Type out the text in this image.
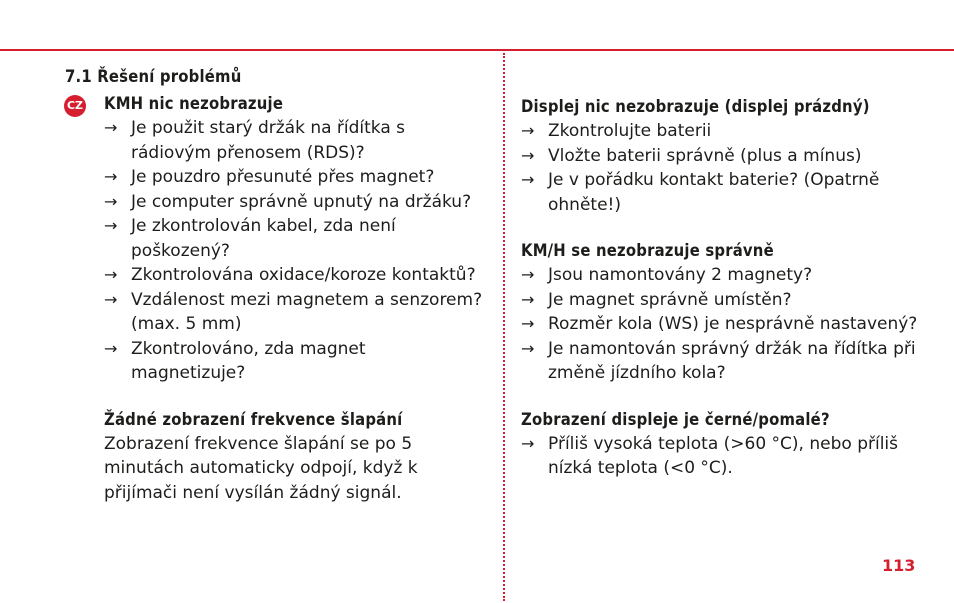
7.1 Řešení problémů
CZ KMH nic nezobrazuje
→ Je použit starý držák na řídítka s rádiovým přenosem (RDS)?
→ Je pouzdro přesunuté přes magnet?
→ Je computer správně upnutý na držáku?
→ Je zkontrolován kabel, zda není poškozený?
→ Zkontrolována oxidace/koroze kontaktů?
→ Vzdálenost mezi magnetem a senzorem? (max. 5 mm)
→ Zkontrolováno, zda magnet magnetizuje?
Žádné zobrazení frekvence šlapání

Zobrazení frekvence šlapání se po 5 minutách automaticky odpojí, když k přijímači není vysílán žádný signál.

Displej nic nezobrazuje (displej prázdný)
→ Zkontrolujte baterii
→ Vložte baterii správně (plus a mínus)
→ Je v pořádku kontakt baterie? (Opatrně ohněte!)
KM/H se nezobrazuje správně
→ Jsou namontovány 2 magnety?
→ Je magnet správně umístěn?
→ Rozměr kola (WS) je nesprávně nastavený?
→ Je namontován správný držák na řídítka při změně jízdního kola?
Zobrazení displeje je černé/pomalé?
→ Příliš vysoká teplota (>60 °C), nebo příliš nízká teplota (<0 °C).
113
